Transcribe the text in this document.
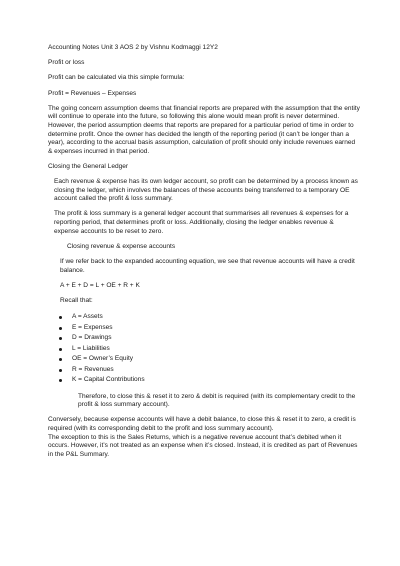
Accounting Notes Unit 3 AOS 2 by Vishnu Kodmaggi 12Y2

Profit or loss

Profit can be calculated via this simple formula:

Profit = Revenues – Expenses

The going concern assumption deems that financial reports are prepared with the assumption that the entity will continue to operate into the future, so following this alone would mean profit is never determined. However, the period assumption deems that reports are prepared for a particular period of time in order to determine profit. Once the owner has decided the length of the reporting period (it can’t be longer than a year), according to the accrual basis assumption, calculation of profit should only include revenues earned & expenses incurred in that period.

Closing the General Ledger

Each revenue & expense has its own ledger account, so profit can be determined by a process known as closing the ledger, which involves the balances of these accounts being transferred to a temporary OE account called the profit & loss summary.

The profit & loss summary is a general ledger account that summarises all revenues & expenses for a reporting period, that determines profit or loss. Additionally, closing the ledger enables revenue & expense accounts to be reset to zero.

Closing revenue & expense accounts

If we refer back to the expanded accounting equation, we see that revenue accounts will have a credit balance.

A + E + D = L + OE + R + K

Recall that:

A = Assets
E = Expenses
D = Drawings
L = Liabilities
OE = Owner’s Equity
R = Revenues
K = Capital Contributions

Therefore, to close this & reset it to zero & debit is required (with its complementary credit to the profit & loss summary account).

Conversely, because expense accounts will have a debit balance, to close this & reset it to zero, a credit is required (with its corresponding debit to the profit and loss summary account).

The exception to this is the Sales Returns, which is a negative revenue account that’s debited when it occurs. However, it’s not treated as an expense when it’s closed. Instead, it is credited as part of Revenues in the P&L Summary.
